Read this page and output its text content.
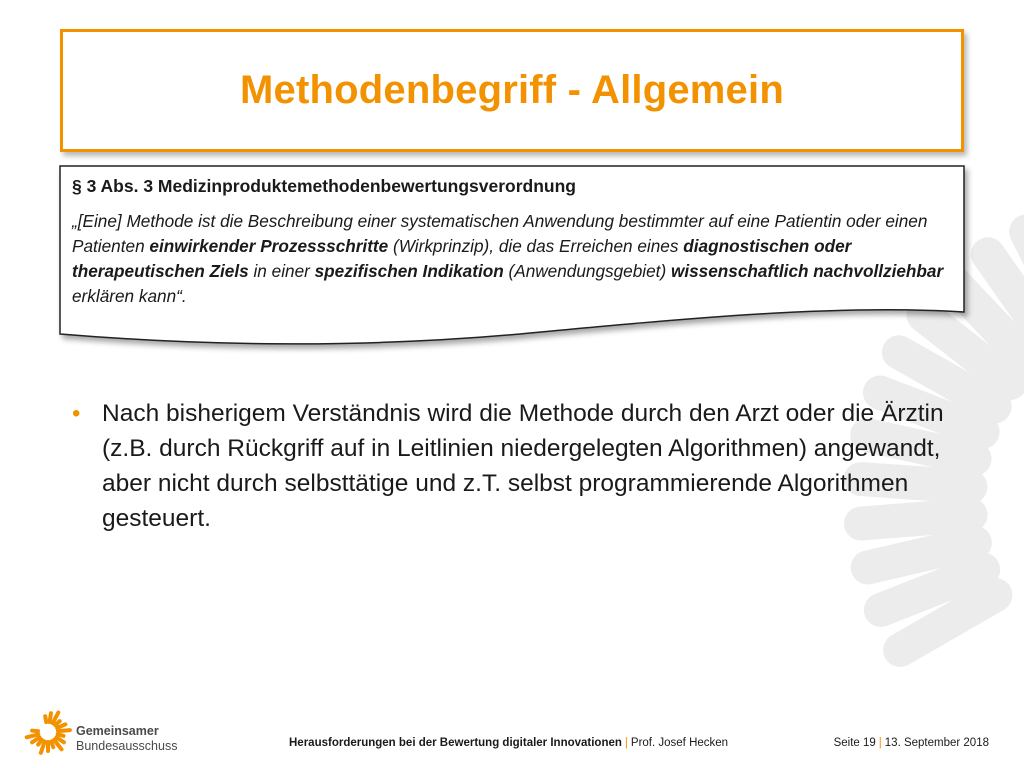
Methodenbegriff - Allgemein
§ 3 Abs. 3 Medizinproduktemethodenbewertungsverordnung
„[Eine] Methode ist die Beschreibung einer systematischen Anwendung bestimmter auf eine Patientin oder einen Patienten einwirkender Prozessschritte (Wirkprinzip), die das Erreichen eines diagnostischen oder therapeutischen Ziels in einer spezifischen Indikation (Anwendungsgebiet) wissenschaftlich nachvollziehbar erklären kann“.
• Nach bisherigem Verständnis wird die Methode durch den Arzt oder die Ärztin (z.B. durch Rückgriff auf in Leitlinien niedergelegten Algorithmen) angewandt, aber nicht durch selbsttätige und z.T. selbst programmierende Algorithmen gesteuert.
Gemeinsamer
Bundesausschuss	Herausforderungen bei der Bewertung digitaler Innovationen | Prof. Josef Hecken	Seite 19 | 13. September 2018
